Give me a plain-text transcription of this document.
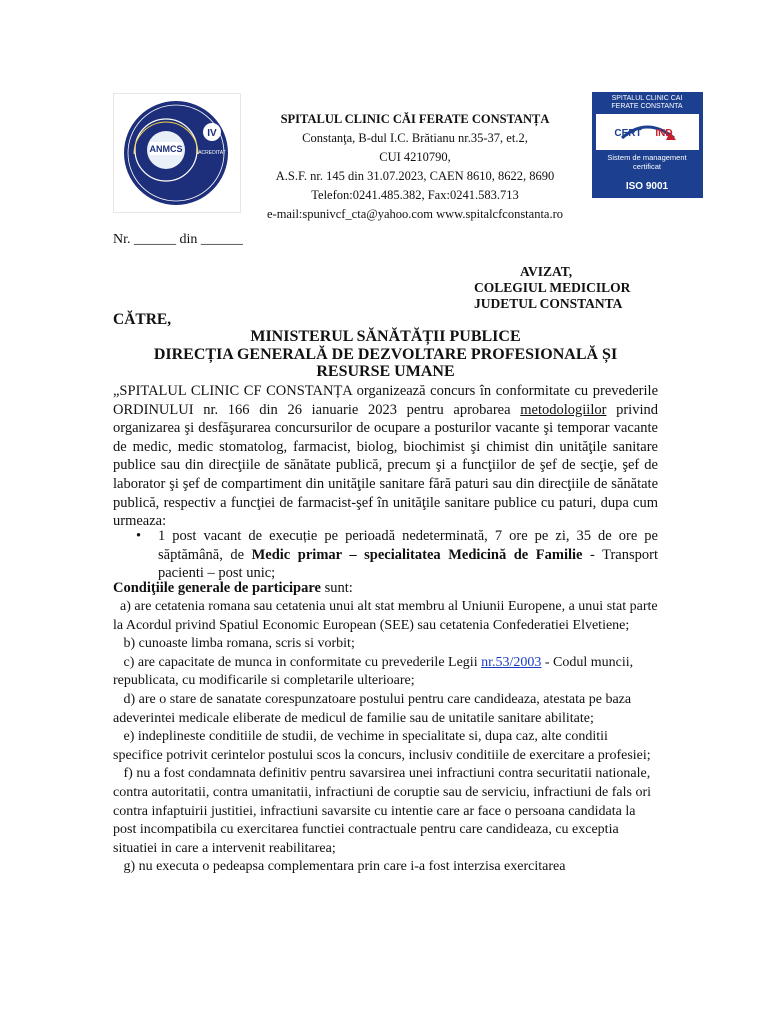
ANMCS
IV
ACREDITAT
SPITALUL CLINIC CAI
FERATE CONSTANTA
CERT IND
Sistem de management
certificat
ISO 9001
SPITALUL CLINIC CĂI FERATE CONSTANȚA
Constanţa, B-dul I.C. Brătianu nr.35-37, et.2,
CUI 4210790,
A.S.F. nr. 145 din 31.07.2023, CAEN 8610, 8622, 8690
Telefon:0241.485.382, Fax:0241.583.713
e-mail:spunivcf_cta@yahoo.com www.spitalcfconstanta.ro
Nr. ______ din ______
AVIZAT,
COLEGIUL MEDICILOR
JUDETUL CONSTANTA
CĂTRE,
MINISTERUL SĂNĂTĂȚII PUBLICE
DIRECȚIA GENERALĂ DE DEZVOLTARE PROFESIONALĂ ȘI
RESURSE UMANE
„SPITALUL CLINIC CF CONSTANȚA organizează concurs în conformitate cu prevederile ORDINULUI nr. 166 din 26 ianuarie 2023 pentru aprobarea metodologiilor privind organizarea şi desfăşurarea concursurilor de ocupare a posturilor vacante şi temporar vacante de medic, medic stomatolog, farmacist, biolog, biochimist şi chimist din unităţile sanitare publice sau din direcţiile de sănătate publică, precum şi a funcţiilor de şef de secţie, şef de laborator şi şef de compartiment din unităţile sanitare fără paturi sau din direcţiile de sănătate publică, respectiv a funcţiei de farmacist-şef în unităţile sanitare publice cu paturi, dupa cum urmeaza:
• 1 post vacant de execuție pe perioadă nedeterminată, 7 ore pe zi, 35 de ore pe săptămână, de Medic primar – specialitatea Medicină de Familie - Transport pacienti – post unic;
Condiţiile generale de participare sunt:

a) are cetatenia romana sau cetatenia unui alt stat membru al Uniunii Europene, a unui stat parte la Acordul privind Spatiul Economic European (SEE) sau cetatenia Confederatiei Elvetiene;

b) cunoaste limba romana, scris si vorbit;

c) are capacitate de munca in conformitate cu prevederile Legii nr.53/2003 - Codul muncii, republicata, cu modificarile si completarile ulterioare;

d) are o stare de sanatate corespunzatoare postului pentru care candideaza, atestata pe baza adeverintei medicale eliberate de medicul de familie sau de unitatile sanitare abilitate;

e) indeplineste conditiile de studii, de vechime in specialitate si, dupa caz, alte conditii specifice potrivit cerintelor postului scos la concurs, inclusiv conditiile de exercitare a profesiei;

f) nu a fost condamnata definitiv pentru savarsirea unei infractiuni contra securitatii nationale, contra autoritatii, contra umanitatii, infractiuni de coruptie sau de serviciu, infractiuni de fals ori contra infaptuirii justitiei, infractiuni savarsite cu intentie care ar face o persoana candidata la post incompatibila cu exercitarea functiei contractuale pentru care candideaza, cu exceptia situatiei in care a intervenit reabilitarea;

g) nu executa o pedeapsa complementara prin care i-a fost interzisa exercitarea
